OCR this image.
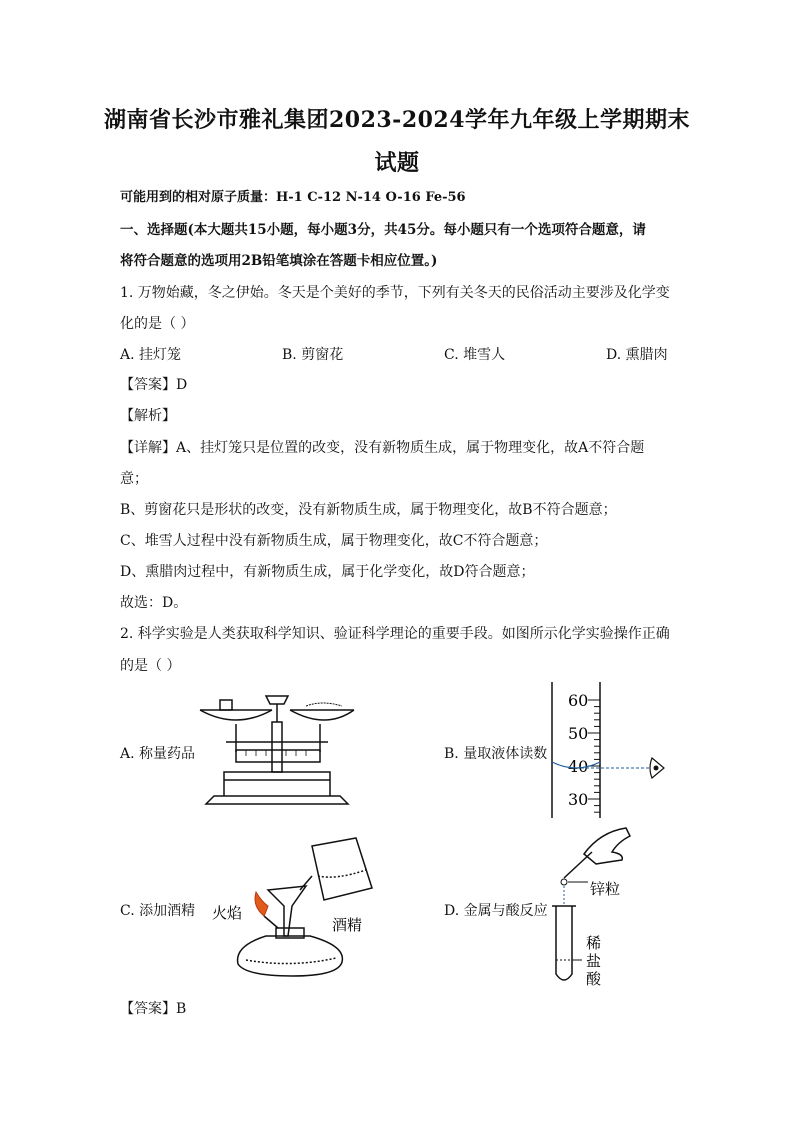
湖南省长沙市雅礼集团2023-2024学年九年级上学期期末
试题
可能用到的相对原子质量：H-1 C-12 N-14 O-16 Fe-56
一、选择题(本大题共15小题，每小题3分，共45分。每小题只有一个选项符合题意，请
将符合题意的选项用2B铅笔填涂在答题卡相应位置。)
1. 万物始藏，冬之伊始。冬天是个美好的季节，下列有关冬天的民俗活动主要涉及化学变
化的是（ ）
A. 挂灯笼	B. 剪窗花	C. 堆雪人	D. 熏腊肉
【答案】D
【解析】
【详解】A、挂灯笼只是位置的改变，没有新物质生成，属于物理变化，故A不符合题
意；
B、剪窗花只是形状的改变，没有新物质生成，属于物理变化，故B不符合题意；
C、堆雪人过程中没有新物质生成，属于物理变化，故C不符合题意；
D、熏腊肉过程中，有新物质生成，属于化学变化，故D符合题意；
故选：D。
2. 科学实验是人类获取科学知识、验证科学理论的重要手段。如图所示化学实验操作正确
的是（ ）
A. 称量药品	B. 量取液体读数
60
50
40
30
C. 添加酒精 火焰
酒精
D. 金属与酸反应
锌粒
稀
盐
酸
【答案】B
